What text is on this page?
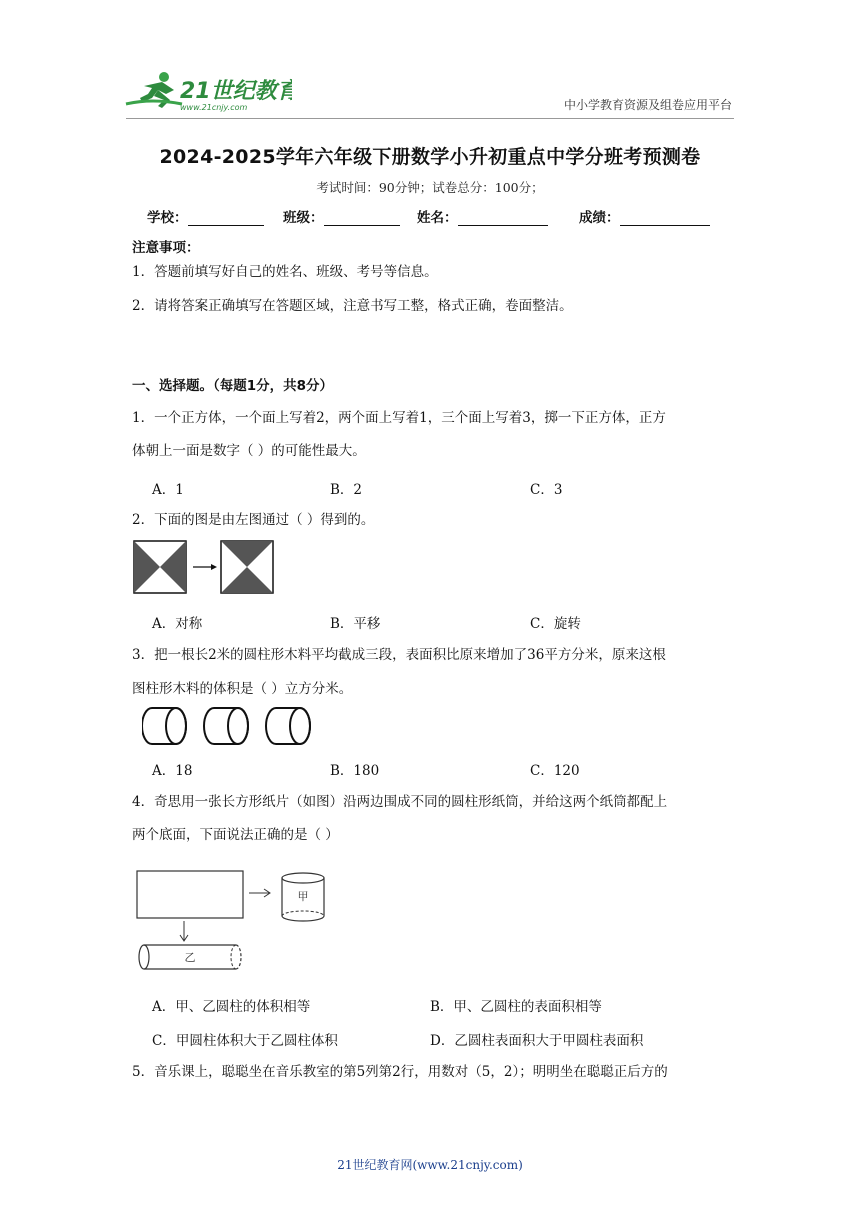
21世纪教育
www.21cnjy.com	中小学教育资源及组卷应用平台
2024-2025学年六年级下册数学小升初重点中学分班考预测卷
考试时间：90分钟；试卷总分：100分；
学校：	班级：	姓名：	成绩：
注意事项：
1．答题前填写好自己的姓名、班级、考号等信息。
2．请将答案正确填写在答题区域，注意书写工整，格式正确，卷面整洁。
一、选择题。（每题1分，共8分）
1．一个正方体，一个面上写着2，两个面上写着1，三个面上写着3，掷一下正方体，正方
体朝上一面是数字（ ）的可能性最大。
A．1	B．2	C．3
2．下面的图是由左图通过（ ）得到的。
A．对称	B．平移	C．旋转
3．把一根长2米的圆柱形木料平均截成三段，表面积比原来增加了36平方分米，原来这根
图柱形木料的体积是（ ）立方分米。
A．18	B．180	C．120
4．奇思用一张长方形纸片（如图）沿两边围成不同的圆柱形纸筒，并给这两个纸筒都配上
两个底面，下面说法正确的是（ ）
甲
乙
A．甲、乙圆柱的体积相等	B．甲、乙圆柱的表面积相等
C．甲圆柱体积大于乙圆柱体积	D．乙圆柱表面积大于甲圆柱表面积
5．音乐课上，聪聪坐在音乐教室的第5列第2行，用数对（5，2）；明明坐在聪聪正后方的
21世纪教育网(www.21cnjy.com)
